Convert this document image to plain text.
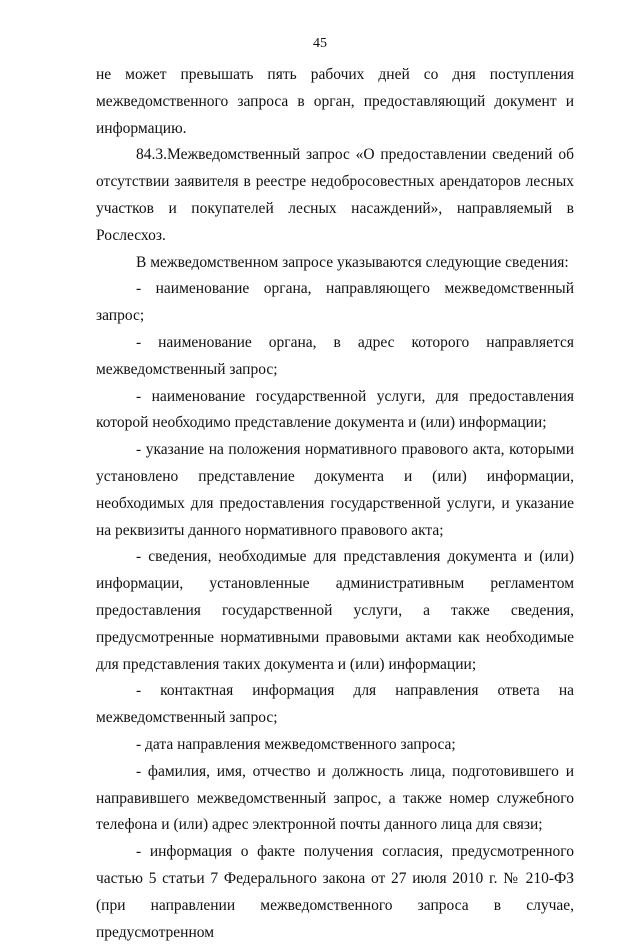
45

не может превышать пять рабочих дней со дня поступления межведомственного запроса в орган, предоставляющий документ и информацию.

84.3.Межведомственный запрос «О предоставлении сведений об отсутствии заявителя в реестре недобросовестных арендаторов лесных участков и покупателей лесных насаждений», направляемый в Рослесхоз.

В межведомственном запросе указываются следующие сведения:

- наименование органа, направляющего межведомственный запрос;

- наименование органа, в адрес которого направляется межведомственный запрос;

- наименование государственной услуги, для предоставления которой необходимо представление документа и (или) информации;

- указание на положения нормативного правового акта, которыми установлено представление документа и (или) информации, необходимых для предоставления государственной услуги, и указание на реквизиты данного нормативного правового акта;

- сведения, необходимые для представления документа и (или) информации, установленные административным регламентом предоставления государственной услуги, а также сведения, предусмотренные нормативными правовыми актами как необходимые для представления таких документа и (или) информации;

- контактная информация для направления ответа на межведомственный запрос;

- дата направления межведомственного запроса;

- фамилия, имя, отчество и должность лица, подготовившего и направившего межведомственный запрос, а также номер служебного телефона и (или) адрес электронной почты данного лица для связи;

- информация о факте получения согласия, предусмотренного частью 5 статьи 7 Федерального закона от 27 июля 2010 г. № 210-ФЗ (при направлении межведомственного запроса в случае, предусмотренном
